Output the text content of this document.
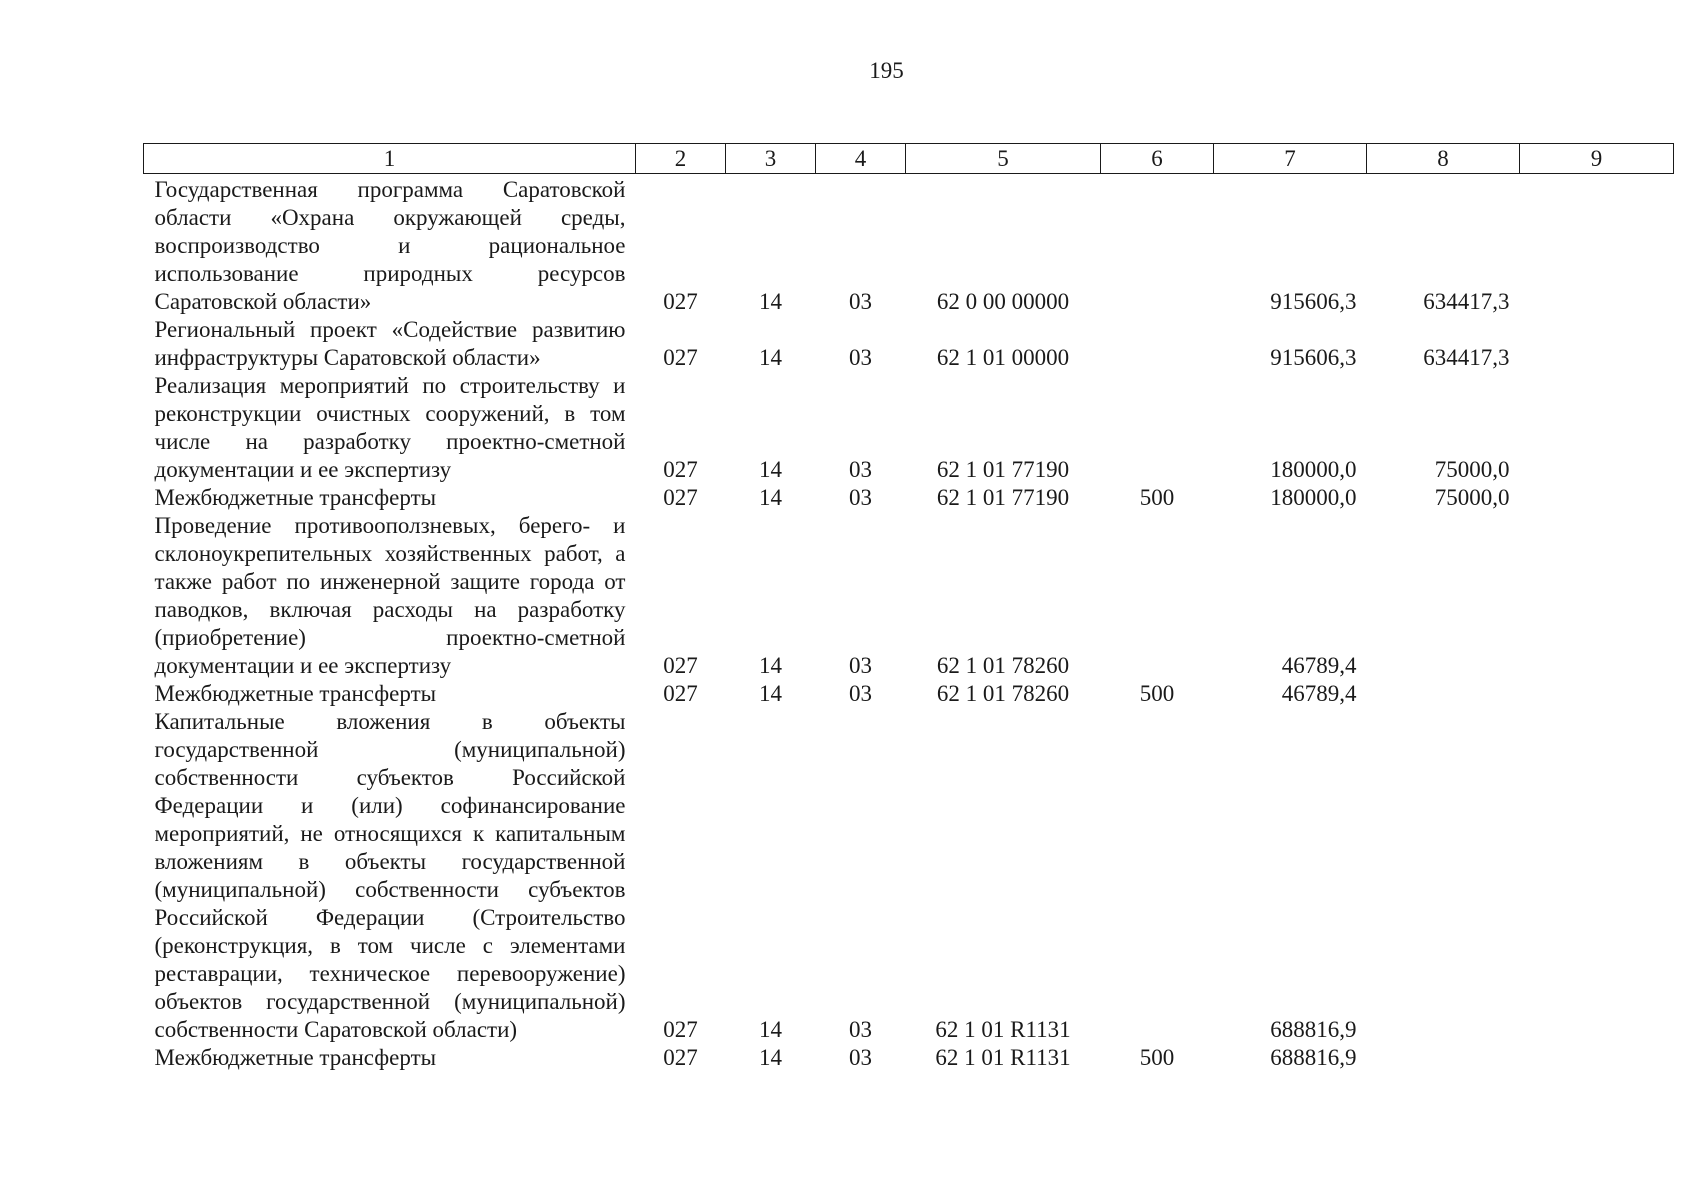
195
1	2	3	4	5	6	7	8	9
Государственная программа Саратовской области «Охрана окружающей среды, воспроизводство и рациональное использование природных ресурсов Саратовской области»	027	14	03	62 0 00 00000		915606,3	634417,3	
Региональный проект «Содействие развитию инфраструктуры Саратовской области»	027	14	03	62 1 01 00000		915606,3	634417,3	
Реализация мероприятий по строительству и реконструкции очистных сооружений, в том числе на разработку проектно-сметной документации и ее экспертизу	027	14	03	62 1 01 77190		180000,0	75000,0	
Межбюджетные трансферты	027	14	03	62 1 01 77190	500	180000,0	75000,0	
Проведение противооползневых, берего- и склоноукрепительных хозяйственных работ, а также работ по инженерной защите города от паводков, включая расходы на разработку (приобретение) проектно-сметной документации и ее экспертизу	027	14	03	62 1 01 78260		46789,4		
Межбюджетные трансферты	027	14	03	62 1 01 78260	500	46789,4		
Капитальные вложения в объекты государственной (муниципальной) собственности субъектов Российской Федерации и (или) софинансирование мероприятий, не относящихся к капитальным вложениям в объекты государственной (муниципальной) собственности субъектов Российской Федерации (Строительство (реконструкция, в том числе с элементами реставрации, техническое перевооружение) объектов государственной (муниципальной) собственности Саратовской области)	027	14	03	62 1 01 R1131		688816,9		
Межбюджетные трансферты	027	14	03	62 1 01 R1131	500	688816,9		
